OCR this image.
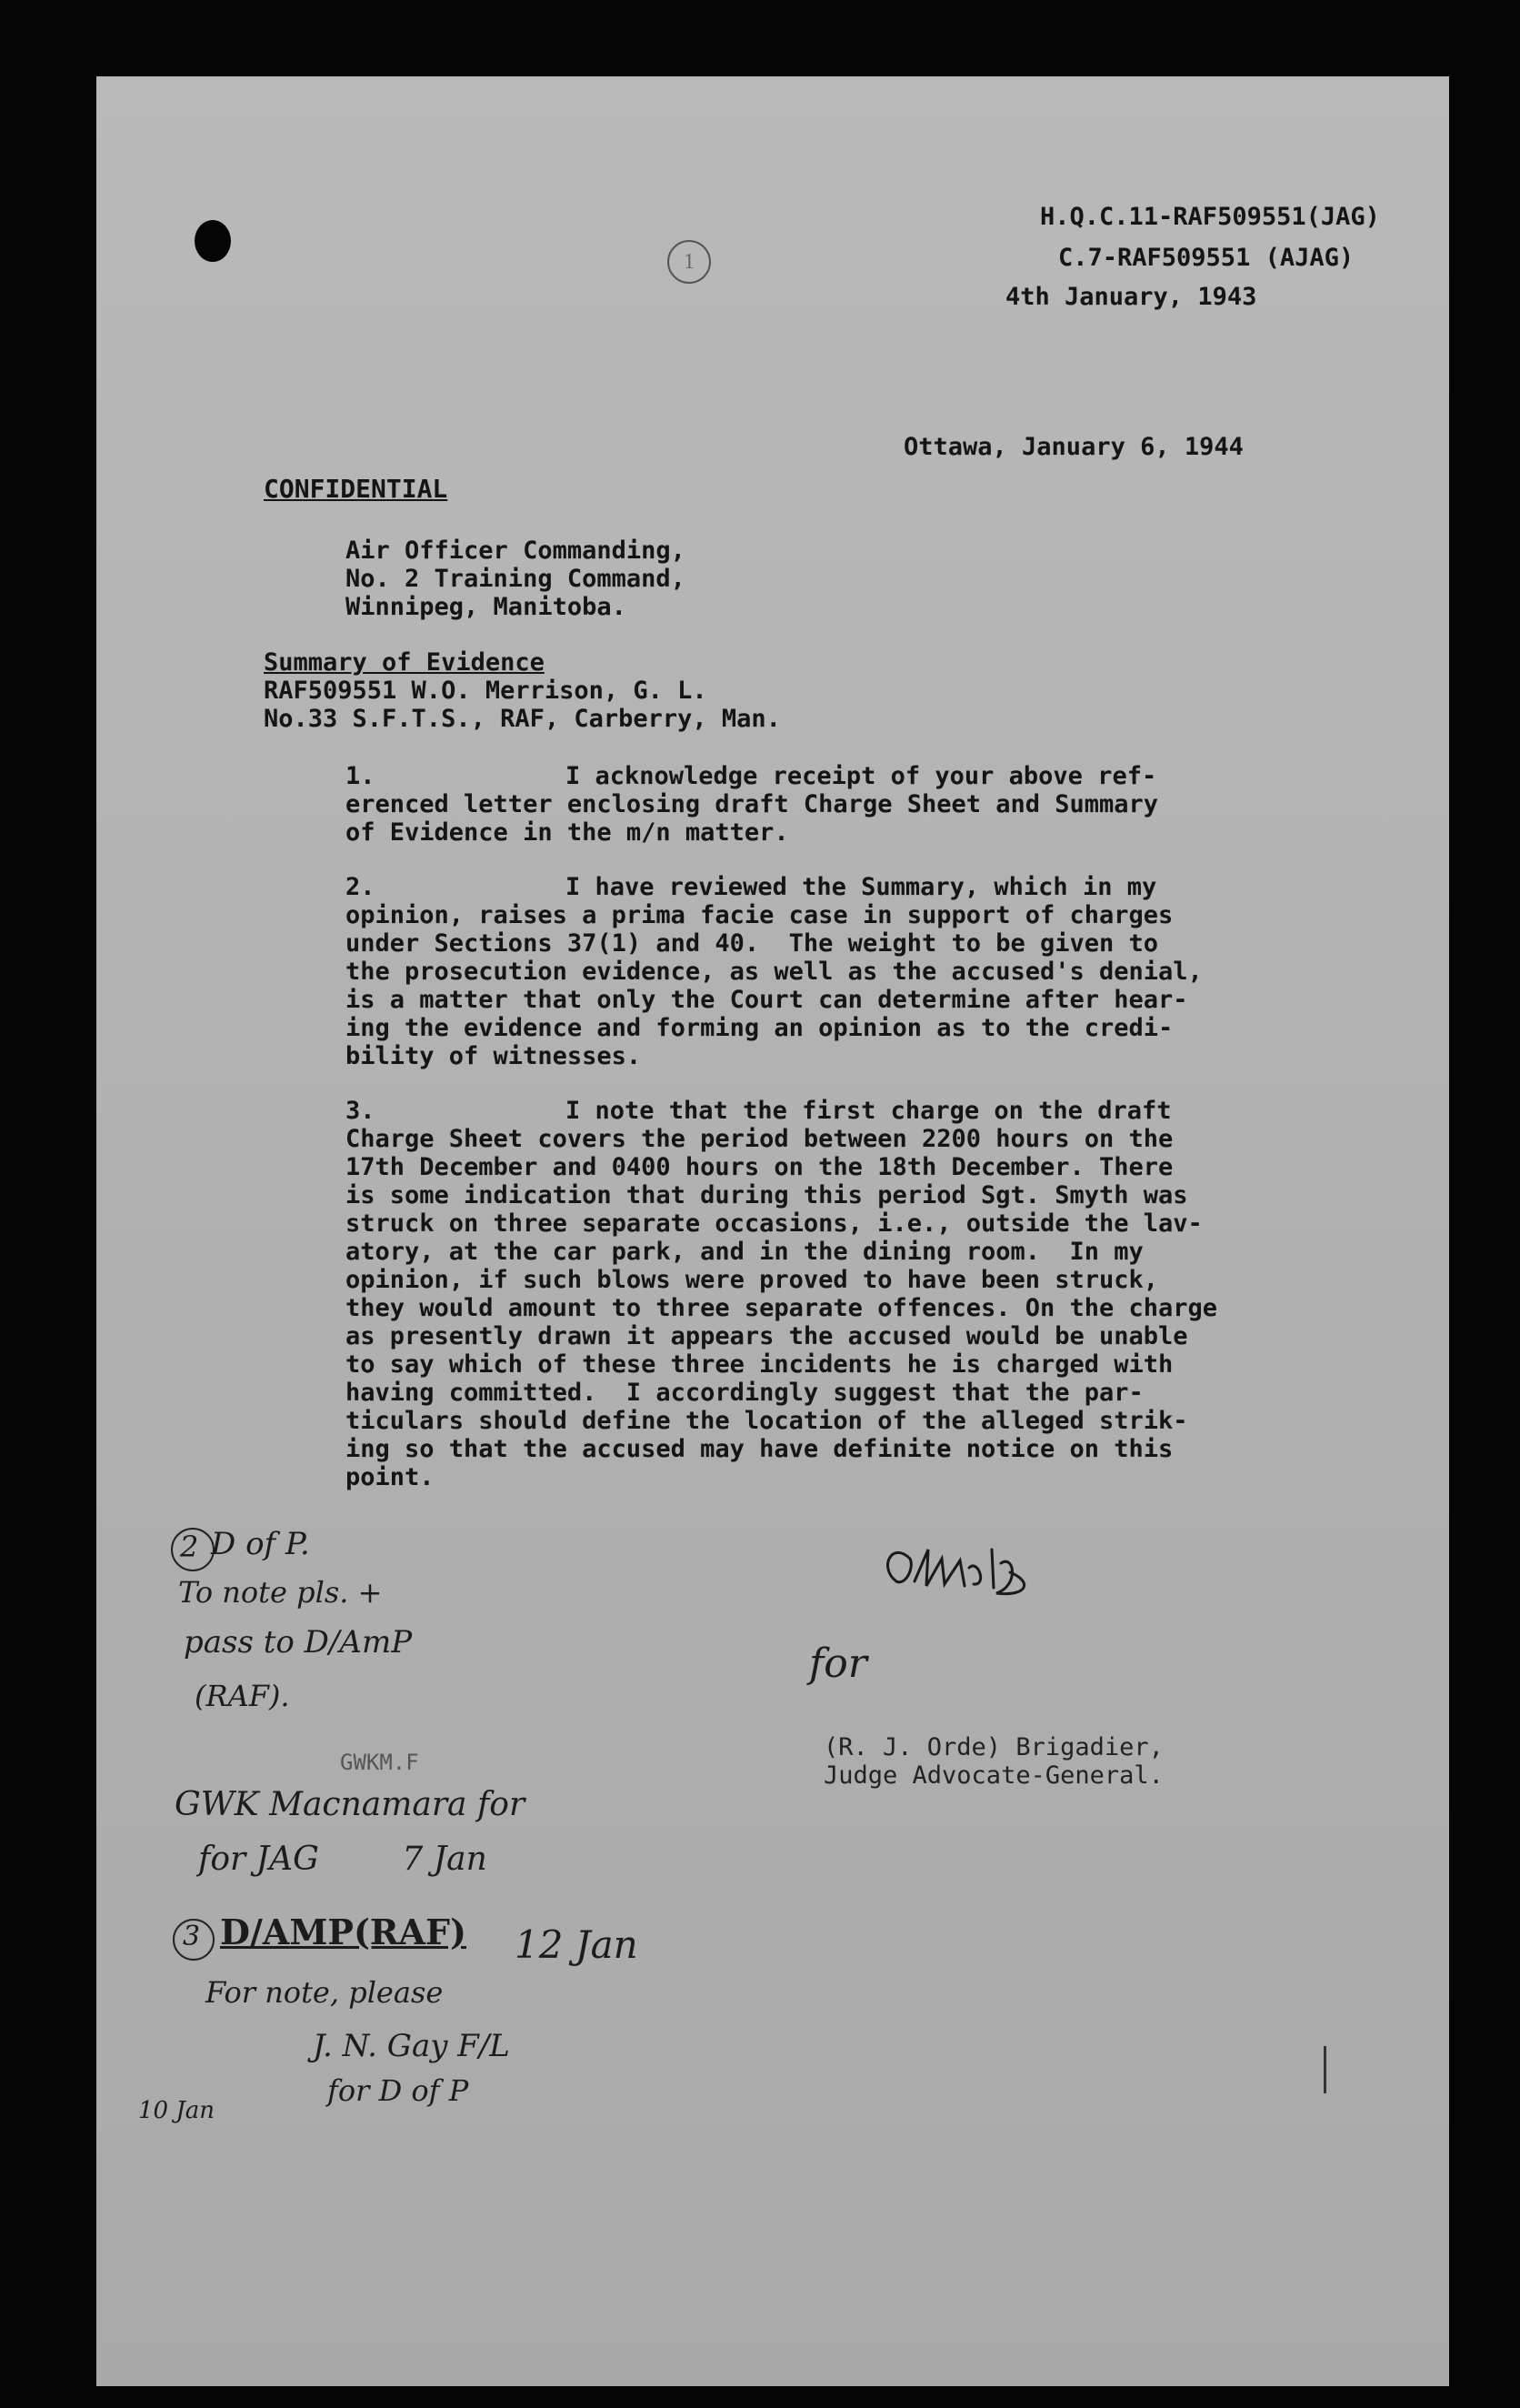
1
H.Q.C.11-RAF509551(JAG)
C.7-RAF509551 (AJAG)
4th January, 1943
Ottawa, January 6, 1944
CONFIDENTIAL
Air Officer Commanding,
No. 2 Training Command,
Winnipeg, Manitoba.
Summary of Evidence
RAF509551 W.O. Merrison, G. L.
No.33 S.F.T.S., RAF, Carberry, Man.
1.	I acknowledge receipt of your above ref-
erenced letter enclosing draft Charge Sheet and Summary
of Evidence in the m/n matter.
2.	I have reviewed the Summary, which in my
opinion, raises a prima facie case in support of charges
under Sections 37(1) and 40.  The weight to be given to
the prosecution evidence, as well as the accused's denial,
is a matter that only the Court can determine after hear-
ing the evidence and forming an opinion as to the credi-
bility of witnesses.
3.	I note that the first charge on the draft
Charge Sheet covers the period between 2200 hours on the
17th December and 0400 hours on the 18th December. There
is some indication that during this period Sgt. Smyth was
struck on three separate occasions, i.e., outside the lav-
atory, at the car park, and in the dining room.  In my
opinion, if such blows were proved to have been struck,
they would amount to three separate offences. On the charge
as presently drawn it appears the accused would be unable
to say which of these three incidents he is charged with
having committed.  I accordingly suggest that the par-
ticulars should define the location of the alleged strik-
ing so that the accused may have definite notice on this
point.
for
(R. J. Orde) Brigadier,
Judge Advocate-General.
GWKM.F
2 D of P.
To note pls. +
pass to D/AmP
(RAF).
GWK Macnamara for
for JAG        7 Jan
3 D/AMP(RAF) 12 Jan
For note, please
J. N. Gay F/L
for D of P
10 Jan
